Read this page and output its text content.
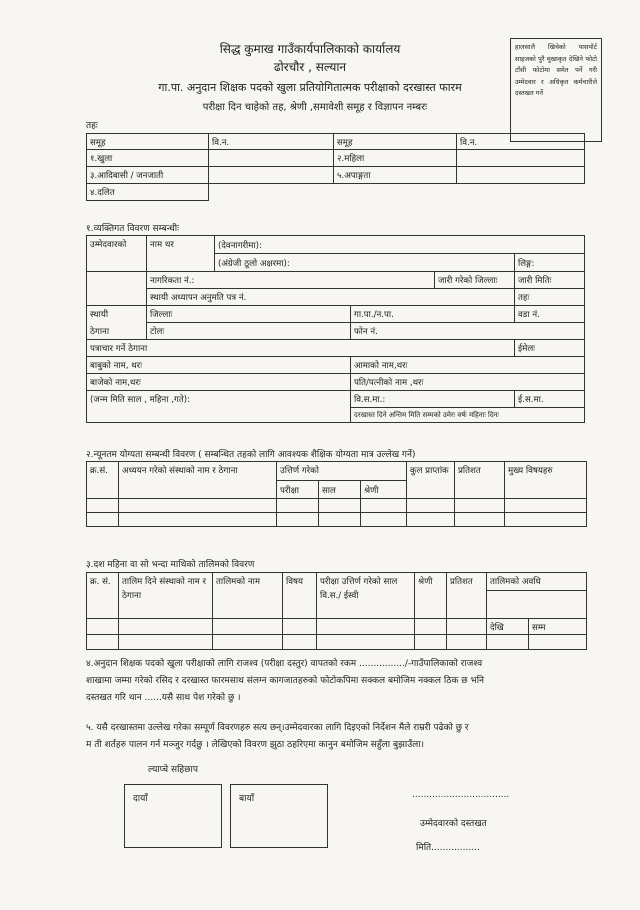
सिद्ध कुमाख गाउँकार्यपालिकाको कार्यालय
ढोरचौर , सल्यान
गा.पा. अनुदान शिक्षक पदको खुला प्रतियोगितात्मक परीक्षाको दरखास्त फारम
परीक्षा दिन चाहेको तह, श्रेणी ,समावेशी समूह र विज्ञापन नम्बरः
हालसालै खिचेको पासपोर्ट साइजको पुरै मुखाकृत देखिने फोटो टाँसी फोटोमा समेत पर्ने गरी उम्मेदवार र अधिकृत कर्मचारीले दस्तखत गर्ने
तहः
समूह	वि.न.	समूह	वि.न.
१.खुला		२.महिला	
३.आदिबासी / जनजाती		५.अपाङ्गता	
४.दलित			
१.व्यक्तिगत विवरण सम्बन्धीः
उम्मेदवारको	नाम थर	(देवनागरीमा):			
		(अंग्रेजी ठूलो अक्षरमा):			लिङ्ग:
	नागरिकता नं.:			जारी गरेको जिल्लाः	जारी मितिः
	स्थायी अध्यापन अनुमति पत्र नं.				तहः
स्थायी	जिल्लाः		गा.पा./न.पा.		वडा नं.
ठेगाना	टोलः		फोन नं.		
पत्राचार गर्ने ठेगाना					ईमेलः
बाबुको नाम, थरः			आमाको नाम,थरः		
बाजेको नाम,थरः			पति/पत्नीको नाम ,थरः		
(जन्म मिति साल , महिना ,गते):			वि.स.मा.:		ई.स.मा.
			दरखास्त दिने अन्तिम मिति सम्मको उमेरः वर्षः महिनाः दिनः		
२.न्यूनतम योग्यता सम्बन्धी विवरण ( सम्बन्धित तहको लागि आवश्यक शैक्षिक योग्यता मात्र उल्लेख गर्ने)
क्र.सं.	अध्ययन गरेको संस्थाको नाम र ठेगाना	उत्तिर्ण गरेको			कुल प्राप्तांक	प्रतिशत	मुख्य विषयहरु
		परीक्षा	साल	श्रेणी			

३.दश महिना वा सो भन्दा माथिको तालिमको विवरण
क्र. सं.	तालिम दिने संस्थाको नाम र ठेगाना	तालिमको नाम	विषय	परीक्षा उत्तिर्ण गरेको साल वि.स./ ईस्वी	श्रेणी	प्रतिशत	तालिमको अवधि	

							देखि	सम्म

४.अनुदान शिक्षक पदको खुला परीक्षाको लागि राजश्व (परीक्षा दस्तुर) वापतको रकम ................/-गाउँपालिकाको राजश्व
शाखामा जम्मा गरेको रसिद र दरखास्त फारमसाथ संलग्न कागजातहरुको फोटोकपिमा सक्कल बमोजिम नक्कल ठिक छ भनि
दस्तखत गरि थान ......यसै साथ पेश गरेको छु ।
५. यसै दरखास्तमा उल्लेख गरेका सम्पूर्ण विवरणहरु सत्य छन्।उम्मेदवारका लागि दिइएको निर्देशन मैले राम्ररी पढेको छु र
म ती शर्तहरु पालन गर्न मञ्जुर गर्दछु । लेखिएको विवरण झुठा ठहरिएमा कानुन बमोजिम सहुँला बुझाउँला।
ल्याप्चे सहिछाप
दायाँ	बायाँ	..................................
उम्मेदवारको दस्तखत
मिति.................
